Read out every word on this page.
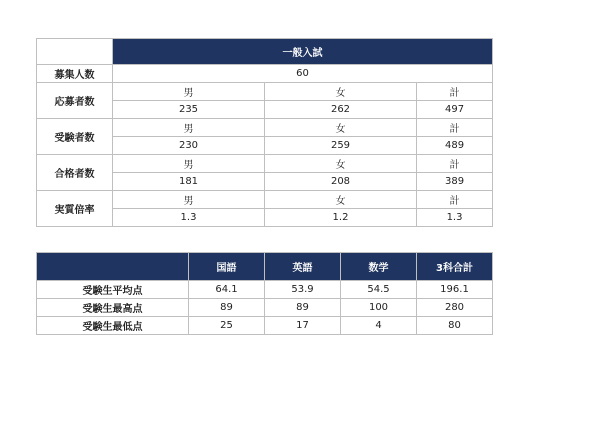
	一般入試		
募集人数	60		
応募者数	男	女	計
	235	262	497
受験者数	男	女	計
	230	259	489
合格者数	男	女	計
	181	208	389
実質倍率	男	女	計
	1.3	1.2	1.3
	国語	英語	数学	3科合計
受験生平均点	64.1	53.9	54.5	196.1
受験生最高点	89	89	100	280
受験生最低点	25	17	4	80
